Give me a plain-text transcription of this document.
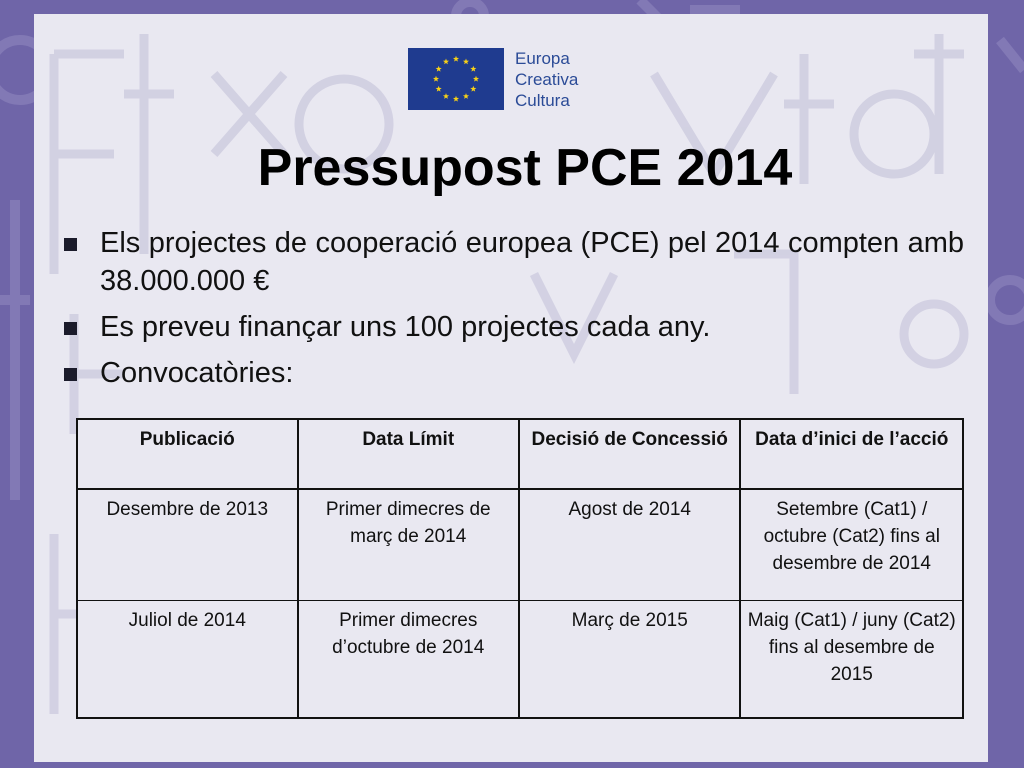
Europa
Creativa
Cultura
Pressupost PCE 2014
Els projectes de cooperació europea (PCE) pel 2014 compten amb 38.000.000 €
Es preveu finançar uns 100 projectes cada any.
Convocatòries:
Publicació	Data Límit	Decisió de Concessió	Data d’inici de l’acció
Desembre de 2013	Primer dimecres de març de 2014	Agost de 2014	Setembre (Cat1) / octubre (Cat2) fins al desembre de 2014
Juliol de 2014	Primer dimecres d’octubre de 2014	Març de 2015	Maig (Cat1) / juny (Cat2) fins al desembre de 2015
